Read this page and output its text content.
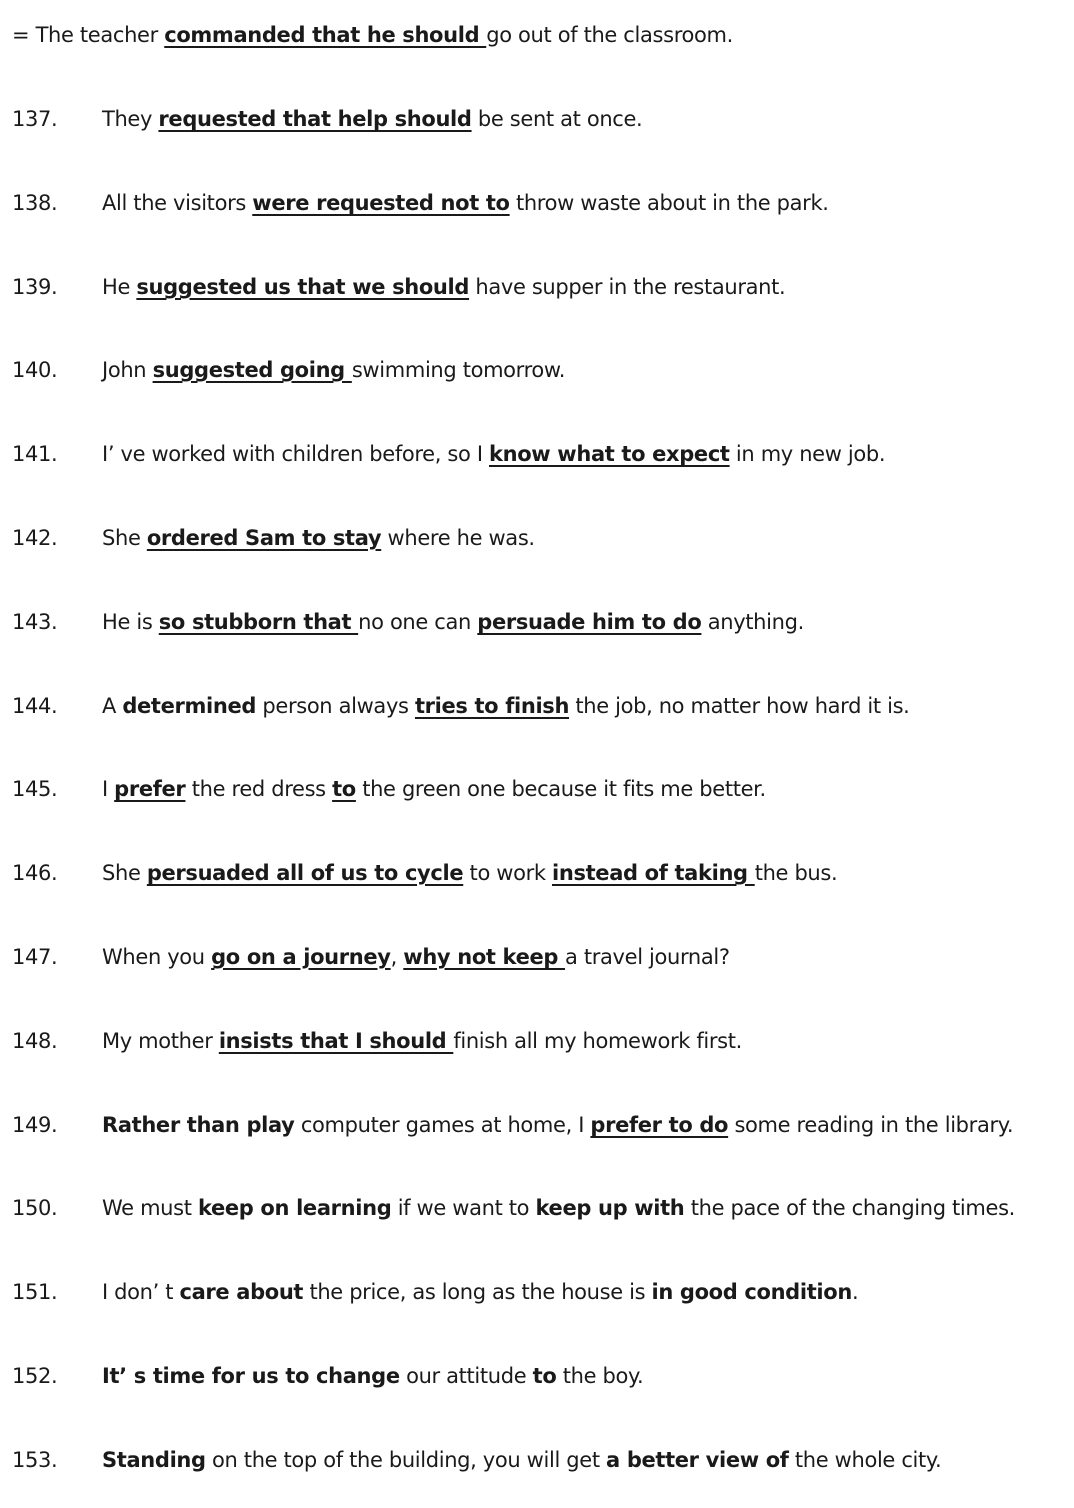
= The teacher commanded that he should go out of the classroom.
137. They requested that help should be sent at once.
138. All the visitors were requested not to throw waste about in the park.
139. He suggested us that we should have supper in the restaurant.
140. John suggested going swimming tomorrow.
141. I’ ve worked with children before, so I know what to expect in my new job.
142. She ordered Sam to stay where he was.
143. He is so stubborn that no one can persuade him to do anything.
144. A determined person always tries to finish the job, no matter how hard it is.
145. I prefer the red dress to the green one because it fits me better.
146. She persuaded all of us to cycle to work instead of taking the bus.
147. When you go on a journey, why not keep a travel journal?
148. My mother insists that I should finish all my homework first.
149. Rather than play computer games at home, I prefer to do some reading in the library.
150. We must keep on learning if we want to keep up with the pace of the changing times.
151. I don’ t care about the price, as long as the house is in good condition.
152. It’ s time for us to change our attitude to the boy.
153. Standing on the top of the building, you will get a better view of the whole city.
